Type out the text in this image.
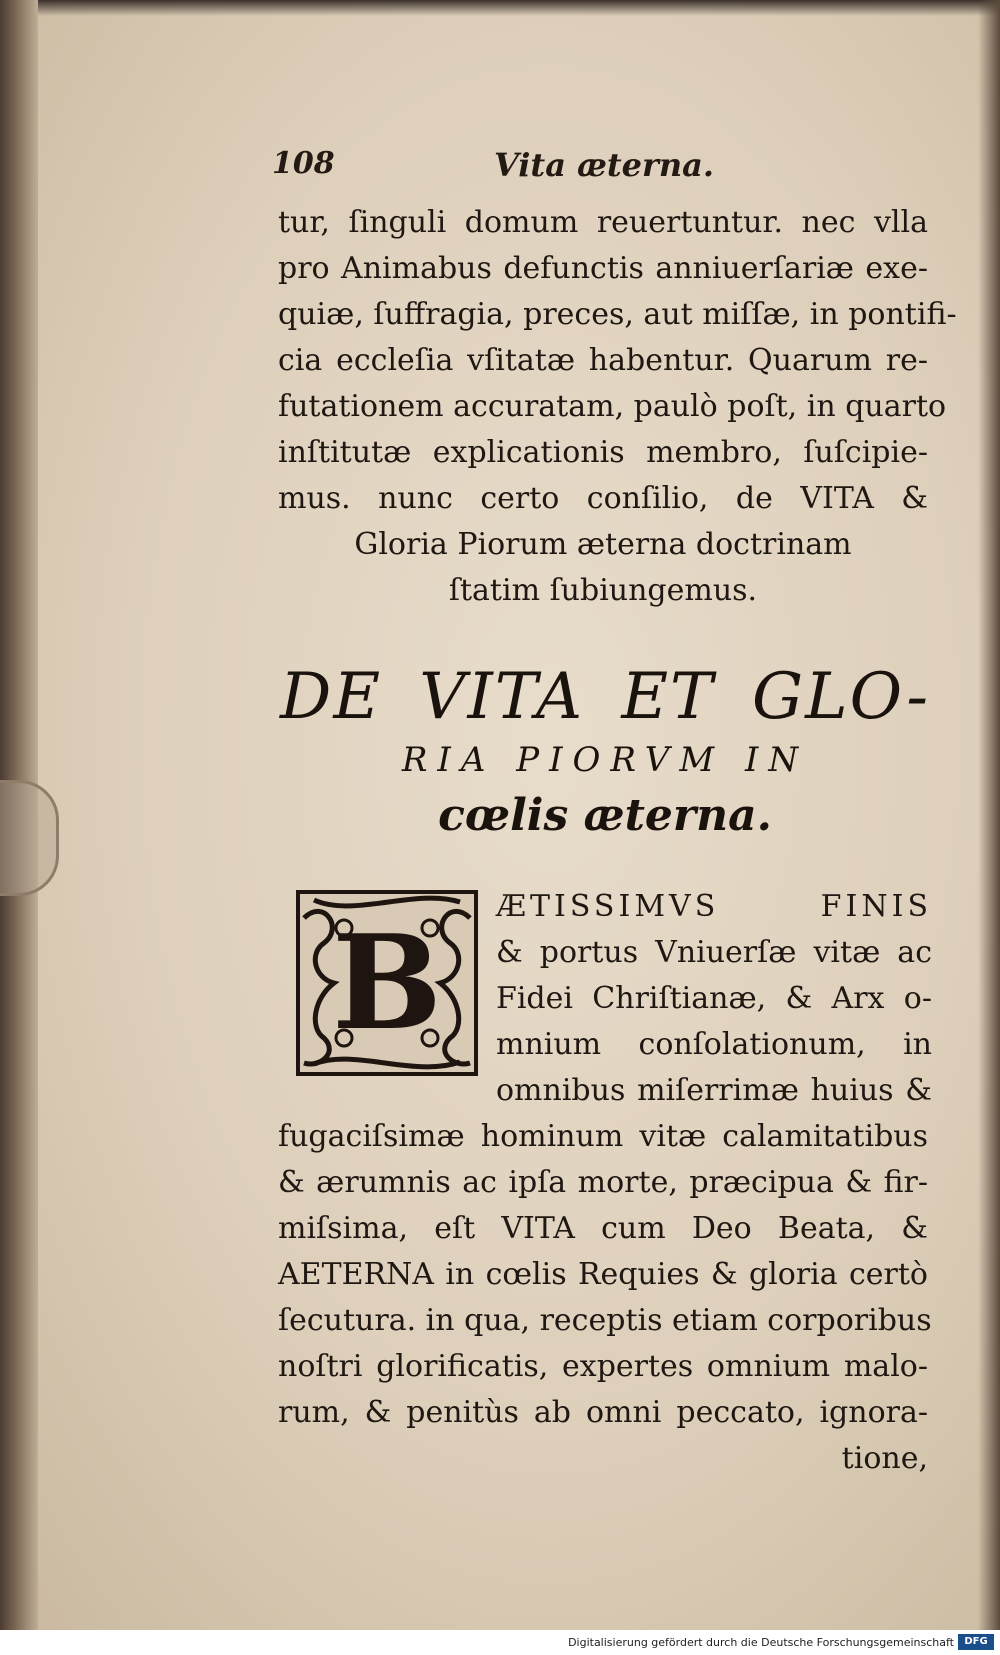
108	Vita æterna.
tur, ſinguli domum reuertuntur. nec vlla
pro Animabus defunctis anniuerſariæ exe-
quiæ, ſuffragia, preces, aut miſſæ, in pontifi-
cia eccleſia vſitatæ habentur. Quarum re-
futationem accuratam, paulò poſt, in quarto
inſtitutæ explicationis membro, ſuſcipie-
mus. nunc certo conſilio, de VITA &
Gloria Piorum æterna doctrinam
ſtatim ſubiungemus.
DE VITA ET GLO-
RIA PIORVM IN
cœlis æterna.
B ÆTISSIMVS FINIS
& portus Vniuerſæ vitæ ac
Fidei Chriſtianæ, & Arx o-
mnium conſolationum, in
omnibus miſerrimæ huius &
fugaciſsimæ hominum vitæ calamitatibus
& ærumnis ac ipſa morte, præcipua & fir-
miſsima, eſt VITA cum Deo Beata, &
AETERNA in cœlis Requies & gloria certò
ſecutura. in qua, receptis etiam corporibus
noſtri glorificatis, expertes omnium malo-
rum, & penitùs ab omni peccato, ignora-
tione,
Digitalisierung gefördert durch die Deutsche Forschungsgemeinschaft	DFG
